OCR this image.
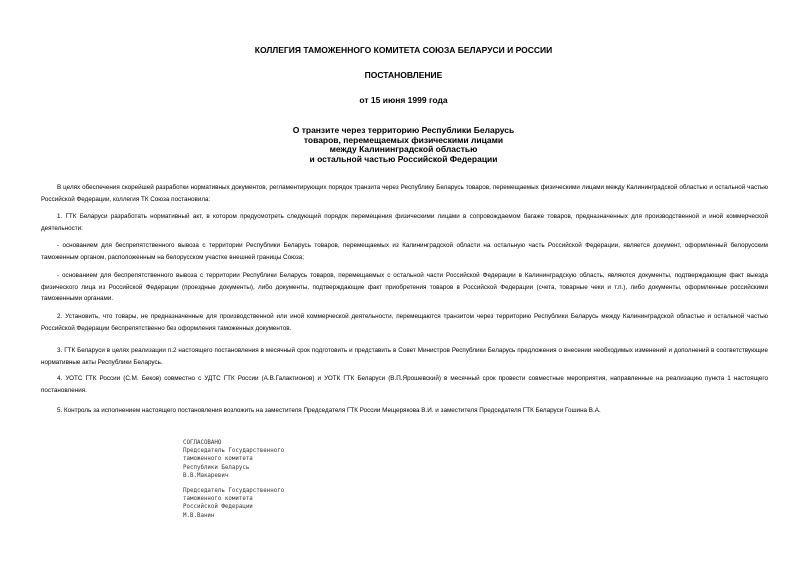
КОЛЛЕГИЯ ТАМОЖЕННОГО КОМИТЕТА СОЮЗА БЕЛАРУСИ И РОССИИ
ПОСТАНОВЛЕНИЕ
от 15 июня 1999 года
О транзите через территорию Республики Беларусь
товаров, перемещаемых физическими лицами
между Калининградской областью
и остальной частью Российской Федерации

В целях обеспечения скорейшей разработки нормативных документов, регламентирующих порядок транзита через Республику Беларусь товаров, перемещаемых физическими лицами между Калининградской областью и остальной частью Российской Федерации, коллегия ТК Союза постановила:

1. ГТК Беларуси разработать нормативный акт, в котором предусмотреть следующий порядок перемещения физическими лицами в сопровождаемом багаже товаров, предназначенных для производственной и иной коммерческой деятельности:

- основанием для беспрепятственного вывоза с территории Республики Беларусь товаров, перемещаемых из Калининградской области на остальную часть Российской Федерации, является документ, оформленный белорусским таможенным органом, расположенным на белорусском участке внешней границы Союза;

- основанием для беспрепятственного вывоза с территории Республики Беларусь товаров, перемещаемых с остальной части Российской Федерации в Калининградскую область, являются документы, подтверждающие факт выезда физического лица из Российской Федерации (проездные документы), либо документы, подтверждающие факт приобретения товаров в Российской Федерации (счета, товарные чеки и т.п.), либо документы, оформленные российскими таможенными органами.

2. Установить, что товары, не предназначенные для производственной или иной коммерческой деятельности, перемещаются транзитом через территорию Республики Беларусь между Калининградской областью и остальной частью Российской Федерации беспрепятственно без оформления таможенных документов.

3. ГТК Беларуси в целях реализации п.2 настоящего постановления в месячный срок подготовить и представить в Совет Министров Республики Беларусь предложения о внесении необходимых изменений и дополнений в соответствующие нормативные акты Республики Беларусь.

4. УОТС ГТК России (С.М. Беков) совместно с УДТС ГТК России (А.В.Галактионов) и УОТК ГТК Беларуси (В.П.Ярошевский) в месячный срок провести совместные мероприятия, направленные на реализацию пункта 1 настоящего постановления.

5. Контроль за исполнением настоящего постановления возложить на заместителя Председателя ГТК России Мещерякова В.И. и заместителя Председателя ГТК Беларуси Гошина В.А.

СОГЛАСОВАНО
Председатель Государственного
таможенного комитета
Республики Беларусь
В.В.Макаревич
Председатель Государственного
таможенного комитета
Российской Федерации
М.В.Ванин
